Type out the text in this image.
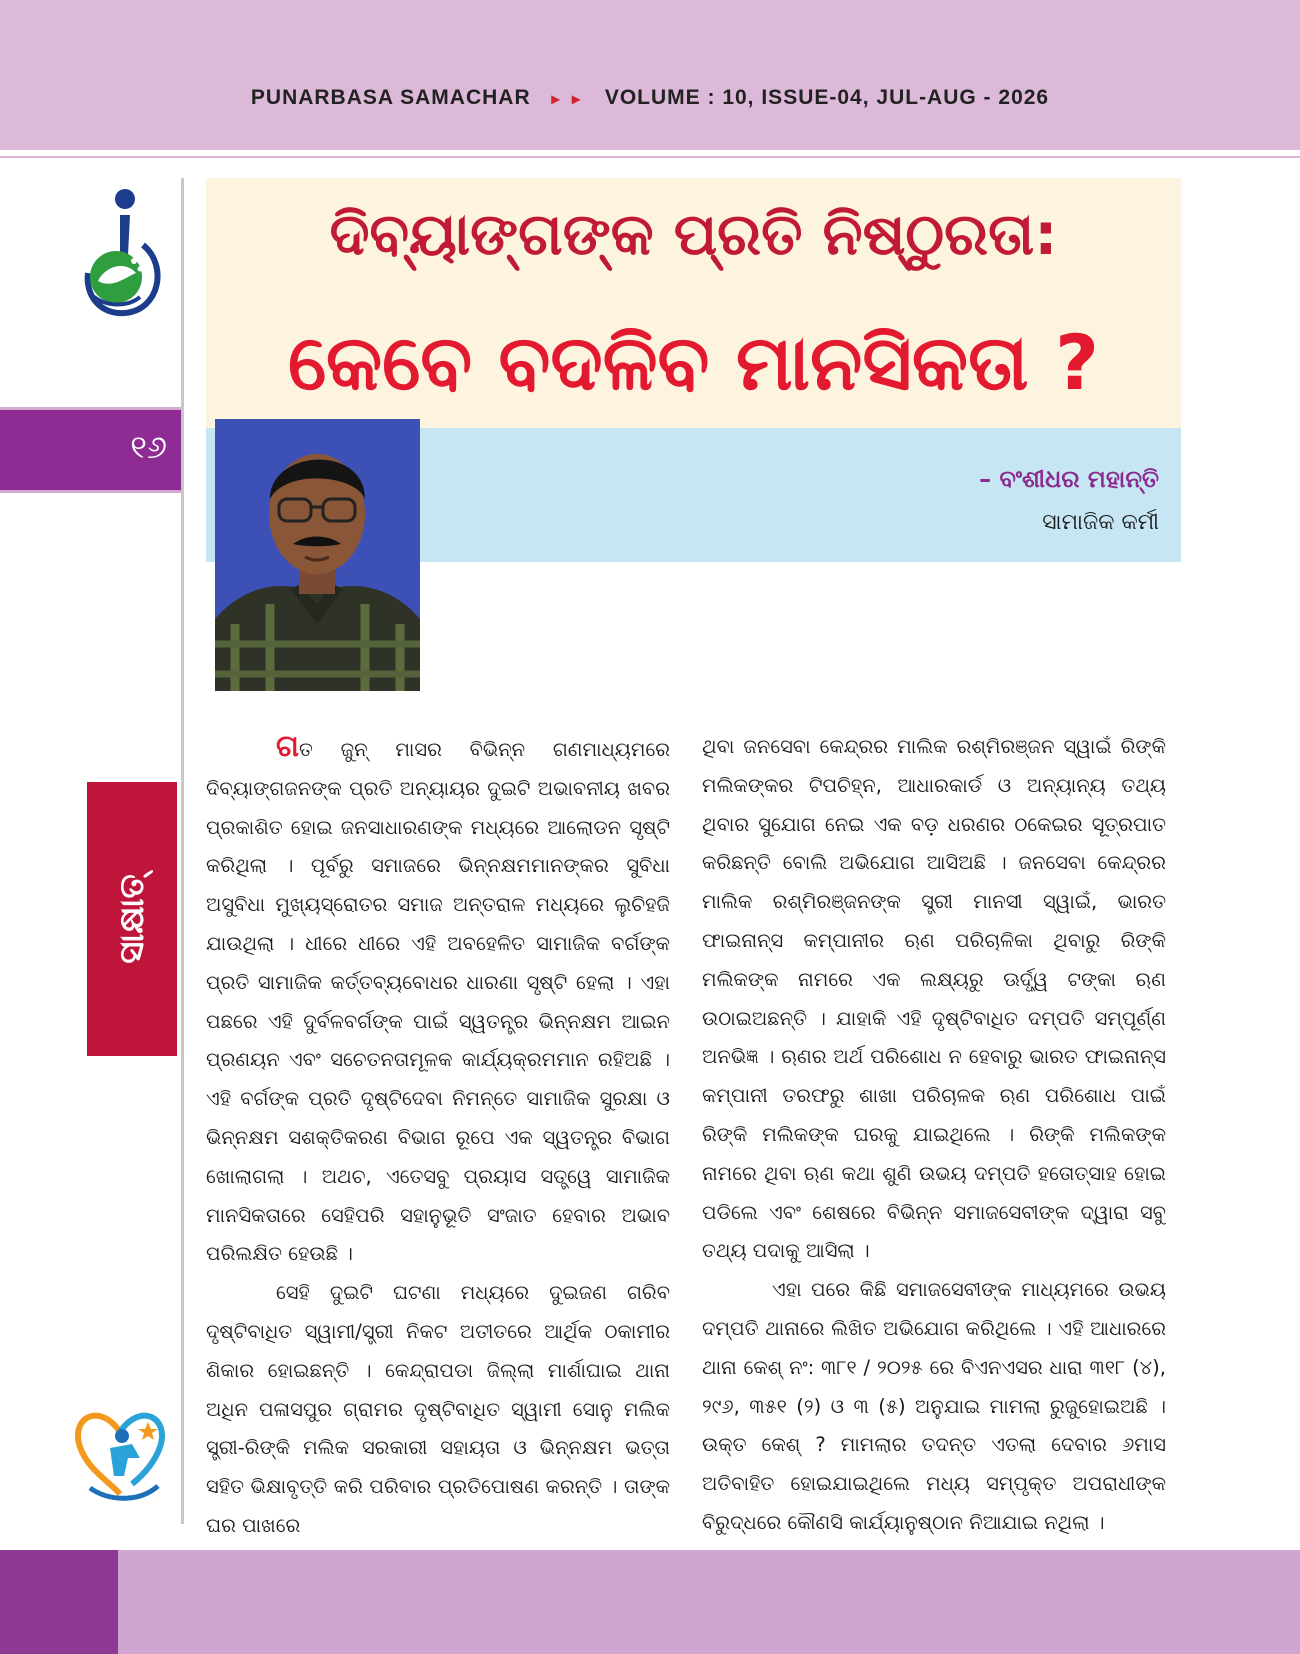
PUNARBASA SAMACHAR ▸ ▸ VOLUME : 10, ISSUE-04, JUL-AUG - 2026
୧୬
ସାକ୍ଷାତ୍
ଦିବ୍ୟାଙ୍ଗଙ୍କ ପ୍ରତି ନିଷ୍ଠୁରତା:
କେବେ ବଦଳିବ ମାନସିକତା ?
– ବଂଶୀଧର ମହାନ୍ତି
ସାମାଜିକ କର୍ମୀ

ଗତ ଜୁନ୍ ମାସର ବିଭିନ୍ନ ଗଣମାଧ୍ୟମରେ ଦିବ୍ୟାଙ୍ଗଜନଙ୍କ ପ୍ରତି ଅନ୍ୟାୟର ଦୁଇଟି ଅଭାବନୀୟ ଖବର ପ୍ରକାଶିତ ହୋଇ ଜନସାଧାରଣଙ୍କ ମଧ୍ୟରେ ଆଲୋଡନ ସୃଷ୍ଟି କରିଥିଲା । ପୂର୍ବରୁ ସମାଜରେ ଭିନ୍ନକ୍ଷମମାନଙ୍କର ସୁବିଧା ଅସୁବିଧା ମୁଖ୍ୟସ୍ରୋତର ସମାଜ ଅନ୍ତରାଳ ମଧ୍ୟରେ ଲୁଚିହଜି ଯାଉଥିଲା । ଧୀରେ ଧୀରେ ଏହି ଅବହେଳିତ ସାମାଜିକ ବର୍ଗଙ୍କ ପ୍ରତି ସାମାଜିକ କର୍ତ୍ତବ୍ୟବୋଧର ଧାରଣା ସୃଷ୍ଟି ହେଲା । ଏହା ପଛରେ ଏହି ଦୁର୍ବଳବର୍ଗଙ୍କ ପାଇଁ ସ୍ୱତନ୍ତ୍ର ଭିନ୍ନକ୍ଷମ ଆଇନ ପ୍ରଣୟନ ଏବଂ ସଚେତନତାମୂଳକ କାର୍ଯ୍ୟକ୍ରମମାନ ରହିଅଛି । ଏହି ବର୍ଗଙ୍କ ପ୍ରତି ଦୃଷ୍ଟିଦେବା ନିମନ୍ତେ ସାମାଜିକ ସୁରକ୍ଷା ଓ ଭିନ୍ନକ୍ଷମ ସଶକ୍ତିକରଣ ବିଭାଗ ରୂପେ ଏକ ସ୍ୱତନ୍ତ୍ର ବିଭାଗ ଖୋଲାଗଲା । ଅଥଚ, ଏତେସବୁ ପ୍ରୟାସ ସତ୍ତ୍ୱେ ସାମାଜିକ ମାନସିକତାରେ ସେହିପରି ସହାନୁଭୂତି ସଂଜାତ ହେବାର ଅଭାବ ପରିଲକ୍ଷିତ ହେଉଛି ।

ସେହି ଦୁଇଟି ଘଟଣା ମଧ୍ୟରେ ଦୁଇଜଣ ଗରିବ ଦୃଷ୍ଟିବାଧିତ ସ୍ୱାମୀ/ସ୍ତ୍ରୀ ନିକଟ ଅତୀତରେ ଆର୍ଥିକ ଠକାମୀର ଶିକାର ହୋଇଛନ୍ତି । କେନ୍ଦ୍ରାପଡା ଜିଲ୍ଲା ମାର୍ଶାଘାଇ ଥାନା ଅଧିନ ପଳାସପୁର ଗ୍ରାମର ଦୃଷ୍ଟିବାଧିତ ସ୍ୱାମୀ ସୋନୁ ମଲିକ ସ୍ତ୍ରୀ-ରିଙ୍କି ମଲିକ ସରକାରୀ ସହାୟତା ଓ ଭିନ୍ନକ୍ଷମ ଭତ୍ତା ସହିତ ଭିକ୍ଷାବୃତ୍ତି କରି ପରିବାର ପ୍ରତିପୋଷଣ କରନ୍ତି । ତାଙ୍କ ଘର ପାଖରେ

ଥିବା ଜନସେବା କେନ୍ଦ୍ରର ମାଲିକ ରଶ୍ମିରଞ୍ଜନ ସ୍ୱାଇଁ ରିଙ୍କି ମଲିକଙ୍କର ଟିପଚିହ୍ନ, ଆଧାରକାର୍ଡ ଓ ଅନ୍ୟାନ୍ୟ ତଥ୍ୟ ଥିବାର ସୁଯୋଗ ନେଇ ଏକ ବଡ଼ ଧରଣର ଠକେଇର ସୂତ୍ରପାତ କରିଛନ୍ତି ବୋଲି ଅଭିଯୋଗ ଆସିଅଛି । ଜନସେବା କେନ୍ଦ୍ରର ମାଲିକ ରଶ୍ମିରଞ୍ଜନଙ୍କ ସ୍ତ୍ରୀ ମାନସୀ ସ୍ୱାଇଁ, ଭାରତ ଫାଇନାନ୍ସ କମ୍ପାନୀର ଋଣ ପରିଚାଳିକା ଥିବାରୁ ରିଙ୍କି ମଲିକଙ୍କ ନାମରେ ଏକ ଲକ୍ଷ୍ୟରୁ ଊର୍ଦ୍ଧ୍ୱ ଟଙ୍କା ଋଣ ଉଠାଇଅଛନ୍ତି । ଯାହାକି ଏହି ଦୃଷ୍ଟିବାଧିତ ଦମ୍ପତି ସମ୍ପୂର୍ଣ୍ଣ ଅନଭିଜ୍ଞ । ଋଣର ଅର୍ଥ ପରିଶୋଧ ନ ହେବାରୁ ଭାରତ ଫାଇନାନ୍ସ କମ୍ପାନୀ ତରଫରୁ ଶାଖା ପରିଚାଳକ ଋଣ ପରିଶୋଧ ପାଇଁ ରିଙ୍କି ମଲିକଙ୍କ ଘରକୁ ଯାଇଥିଲେ । ରିଙ୍କି ମଲିକଙ୍କ ନାମରେ ଥିବା ଋଣ କଥା ଶୁଣି ଉଭୟ ଦମ୍ପତି ହତୋତ୍ସାହ ହୋଇ ପଡିଲେ ଏବଂ ଶେଷରେ ବିଭିନ୍ନ ସମାଜସେବୀଙ୍କ ଦ୍ୱାରା ସବୁ ତଥ୍ୟ ପଦାକୁ ଆସିଲା ।

ଏହା ପରେ କିଛି ସମାଜସେବୀଙ୍କ ମାଧ୍ୟମରେ ଉଭୟ ଦମ୍ପତି ଥାନାରେ ଲିଖିତ ଅଭିଯୋଗ କରିଥିଲେ । ଏହି ଆଧାରରେ ଥାନା କେଶ୍ ନଂ: ୩୮୧ / ୨୦୨୫ ରେ ବିଏନଏସର ଧାରା ୩୧୮ (୪), ୨୯୬, ୩୫୧ (୨) ଓ ୩ (୫) ଅନୁଯାଇ ମାମଲା ରୁଜୁହୋଇଅଛି । ଉକ୍ତ କେଶ୍ ? ମାମଲାର ତଦନ୍ତ ଏତଲା ଦେବାର ୬ମାସ ଅତିବାହିତ ହୋଇଯାଇଥିଲେ ମଧ୍ୟ ସମ୍ପୃକ୍ତ ଅପରାଧୀଙ୍କ ବିରୁଦ୍ଧରେ କୌଣସି କାର୍ଯ୍ୟାନୁଷ୍ଠାନ ନିଆଯାଇ ନଥିଲା ।
